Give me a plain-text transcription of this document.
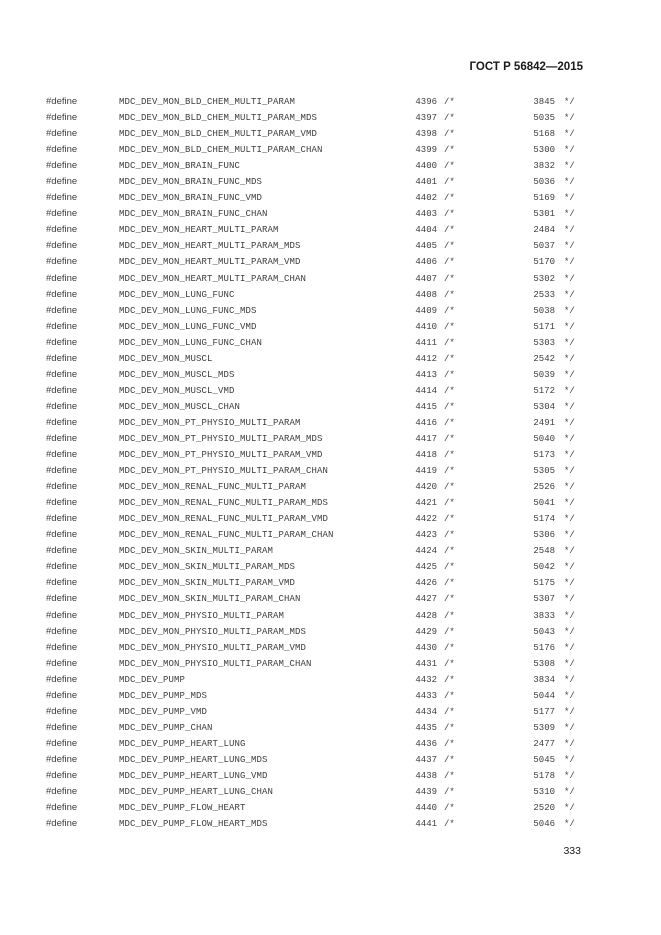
ГОСТ Р 56842—2015
#define	MDC_DEV_MON_BLD_CHEM_MULTI_PARAM	4396 /*	3845 */
#define	MDC_DEV_MON_BLD_CHEM_MULTI_PARAM_MDS	4397 /*	5035 */
#define	MDC_DEV_MON_BLD_CHEM_MULTI_PARAM_VMD	4398 /*	5168 */
#define	MDC_DEV_MON_BLD_CHEM_MULTI_PARAM_CHAN	4399 /*	5300 */
#define	MDC_DEV_MON_BRAIN_FUNC	4400 /*	3832 */
#define	MDC_DEV_MON_BRAIN_FUNC_MDS	4401 /*	5036 */
#define	MDC_DEV_MON_BRAIN_FUNC_VMD	4402 /*	5169 */
#define	MDC_DEV_MON_BRAIN_FUNC_CHAN	4403 /*	5301 */
#define	MDC_DEV_MON_HEART_MULTI_PARAM	4404 /*	2484 */
#define	MDC_DEV_MON_HEART_MULTI_PARAM_MDS	4405 /*	5037 */
#define	MDC_DEV_MON_HEART_MULTI_PARAM_VMD	4406 /*	5170 */
#define	MDC_DEV_MON_HEART_MULTI_PARAM_CHAN	4407 /*	5302 */
#define	MDC_DEV_MON_LUNG_FUNC	4408 /*	2533 */
#define	MDC_DEV_MON_LUNG_FUNC_MDS	4409 /*	5038 */
#define	MDC_DEV_MON_LUNG_FUNC_VMD	4410 /*	5171 */
#define	MDC_DEV_MON_LUNG_FUNC_CHAN	4411 /*	5303 */
#define	MDC_DEV_MON_MUSCL	4412 /*	2542 */
#define	MDC_DEV_MON_MUSCL_MDS	4413 /*	5039 */
#define	MDC_DEV_MON_MUSCL_VMD	4414 /*	5172 */
#define	MDC_DEV_MON_MUSCL_CHAN	4415 /*	5304 */
#define	MDC_DEV_MON_PT_PHYSIO_MULTI_PARAM	4416 /*	2491 */
#define	MDC_DEV_MON_PT_PHYSIO_MULTI_PARAM_MDS	4417 /*	5040 */
#define	MDC_DEV_MON_PT_PHYSIO_MULTI_PARAM_VMD	4418 /*	5173 */
#define	MDC_DEV_MON_PT_PHYSIO_MULTI_PARAM_CHAN	4419 /*	5305 */
#define	MDC_DEV_MON_RENAL_FUNC_MULTI_PARAM	4420 /*	2526 */
#define	MDC_DEV_MON_RENAL_FUNC_MULTI_PARAM_MDS	4421 /*	5041 */
#define	MDC_DEV_MON_RENAL_FUNC_MULTI_PARAM_VMD	4422 /*	5174 */
#define	MDC_DEV_MON_RENAL_FUNC_MULTI_PARAM_CHAN	4423 /*	5306 */
#define	MDC_DEV_MON_SKIN_MULTI_PARAM	4424 /*	2548 */
#define	MDC_DEV_MON_SKIN_MULTI_PARAM_MDS	4425 /*	5042 */
#define	MDC_DEV_MON_SKIN_MULTI_PARAM_VMD	4426 /*	5175 */
#define	MDC_DEV_MON_SKIN_MULTI_PARAM_CHAN	4427 /*	5307 */
#define	MDC_DEV_MON_PHYSIO_MULTI_PARAM	4428 /*	3833 */
#define	MDC_DEV_MON_PHYSIO_MULTI_PARAM_MDS	4429 /*	5043 */
#define	MDC_DEV_MON_PHYSIO_MULTI_PARAM_VMD	4430 /*	5176 */
#define	MDC_DEV_MON_PHYSIO_MULTI_PARAM_CHAN	4431 /*	5308 */
#define	MDC_DEV_PUMP	4432 /*	3834 */
#define	MDC_DEV_PUMP_MDS	4433 /*	5044 */
#define	MDC_DEV_PUMP_VMD	4434 /*	5177 */
#define	MDC_DEV_PUMP_CHAN	4435 /*	5309 */
#define	MDC_DEV_PUMP_HEART_LUNG	4436 /*	2477 */
#define	MDC_DEV_PUMP_HEART_LUNG_MDS	4437 /*	5045 */
#define	MDC_DEV_PUMP_HEART_LUNG_VMD	4438 /*	5178 */
#define	MDC_DEV_PUMP_HEART_LUNG_CHAN	4439 /*	5310 */
#define	MDC_DEV_PUMP_FLOW_HEART	4440 /*	2520 */
#define	MDC_DEV_PUMP_FLOW_HEART_MDS	4441 /*	5046 */
333
